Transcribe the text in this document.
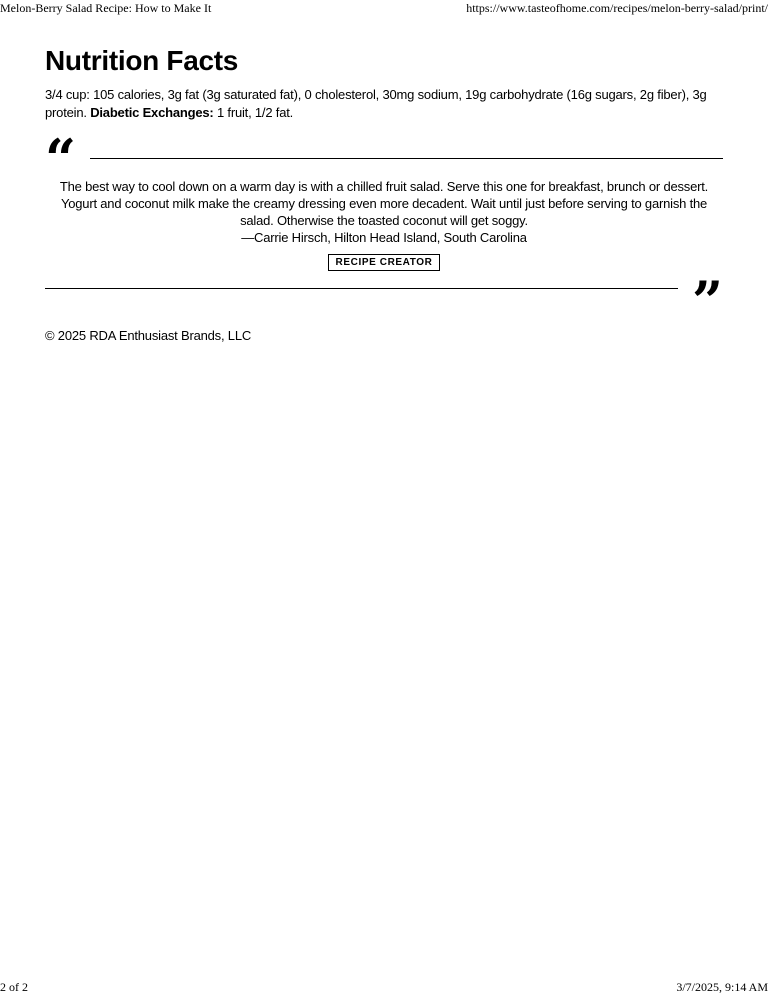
Melon-Berry Salad Recipe: How to Make It	https://www.tasteofhome.com/recipes/melon-berry-salad/print/
Nutrition Facts

3/4 cup: 105 calories, 3g fat (3g saturated fat), 0 cholesterol, 30mg sodium, 19g carbohydrate (16g sugars, 2g fiber), 3g protein. Diabetic Exchanges: 1 fruit, 1/2 fat.

“

The best way to cool down on a warm day is with a chilled fruit salad. Serve this one for breakfast, brunch or dessert. Yogurt and coconut milk make the creamy dressing even more decadent. Wait until just before serving to garnish the salad. Otherwise the toasted coconut will get soggy.
—Carrie Hirsch, Hilton Head Island, South Carolina

RECIPE CREATOR
”
© 2025 RDA Enthusiast Brands, LLC
2 of 2	3/7/2025, 9:14 AM
